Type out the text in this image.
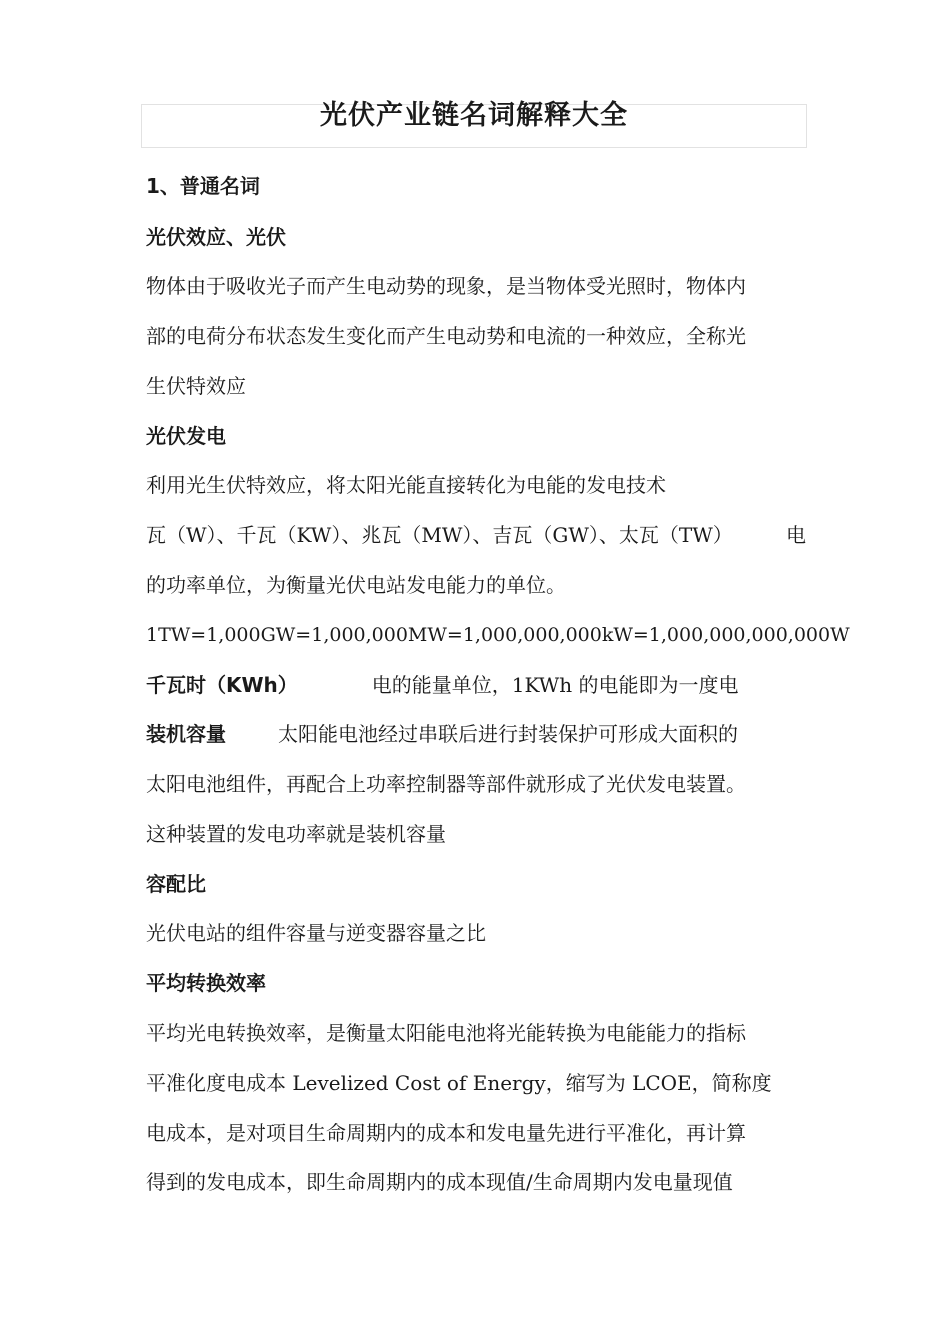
光伏产业链名词解释大全
1、普通名词
光伏效应、光伏
物体由于吸收光子而产生电动势的现象，是当物体受光照时，物体内
部的电荷分布状态发生变化而产生电动势和电流的一种效应，全称光
生伏特效应
光伏发电
利用光生伏特效应，将太阳光能直接转化为电能的发电技术
瓦（W）、千瓦（KW）、兆瓦（MW）、吉瓦（GW）、太瓦（TW）	电
的功率单位，为衡量光伏电站发电能力的单位。
1TW=1,000GW=1,000,000MW=1,000,000,000kW=1,000,000,000,000W
千瓦时（KWh）	电的能量单位，1KWh 的电能即为一度电
装机容量	太阳能电池经过串联后进行封装保护可形成大面积的
太阳电池组件，再配合上功率控制器等部件就形成了光伏发电装置。
这种装置的发电功率就是装机容量
容配比
光伏电站的组件容量与逆变器容量之比
平均转换效率
平均光电转换效率，是衡量太阳能电池将光能转换为电能能力的指标
平准化度电成本 Levelized Cost of Energy，缩写为 LCOE，简称度
电成本，是对项目生命周期内的成本和发电量先进行平准化，再计算
得到的发电成本，即生命周期内的成本现值/生命周期内发电量现值
